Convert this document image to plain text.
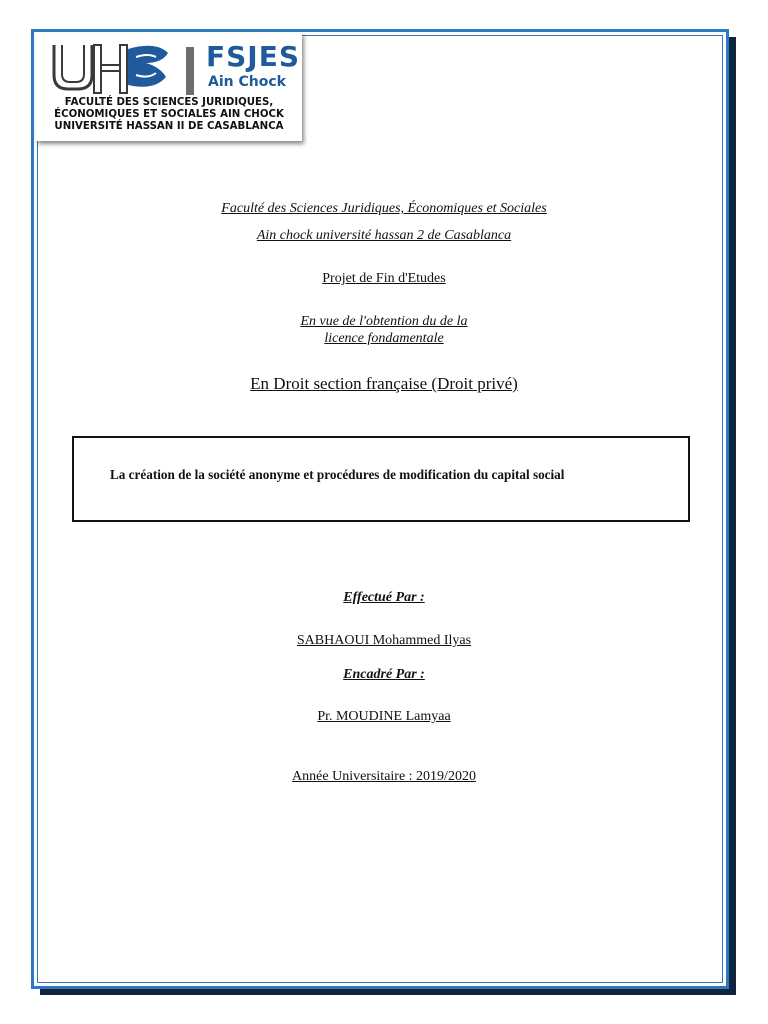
FSJES
Ain Chock
FACULTÉ DES SCIENCES JURIDIQUES,
ÉCONOMIQUES ET SOCIALES AIN CHOCK
UNIVERSITÉ HASSAN II DE CASABLANCA
Faculté des Sciences Juridiques, Économiques et Sociales
Ain chock université hassan 2 de Casablanca
Projet de Fin d'Etudes
En vue de l'obtention du de la
licence fondamentale
En Droit section française (Droit privé)
La création de la société anonyme et procédures de modification du capital social
Effectué Par :
SABHAOUI Mohammed Ilyas
Encadré Par :
Pr. MOUDINE Lamyaa
Année Universitaire : 2019/2020
